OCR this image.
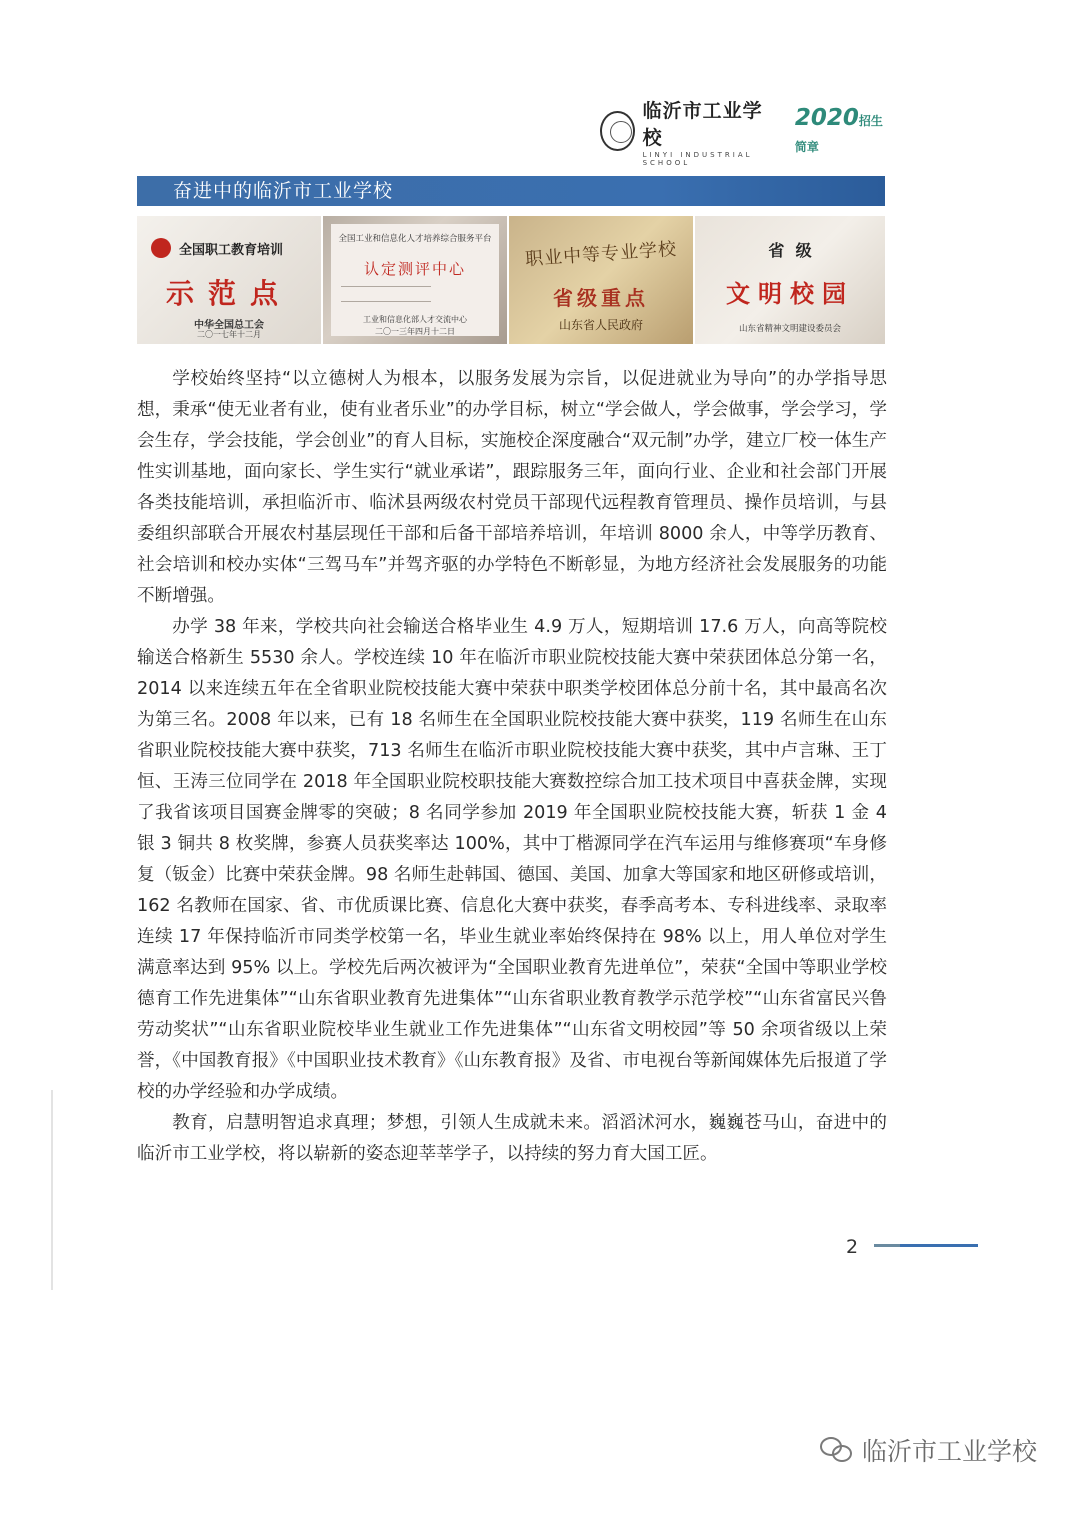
临沂市工业学校
LINYI INDUSTRIAL SCHOOL
2020招生简章
奋进中的临沂市工业学校
全国职工教育培训
示范点
中华全国总工会
二〇一七年十二月
全国工业和信息化人才培养综合服务平台
认定测评中心
工业和信息化部人才交流中心
二〇一三年四月十二日
职业中等专业学校
省级重点
山东省人民政府
省  级
文明校园
山东省精神文明建设委员会

学校始终坚持“以立德树人为根本，以服务发展为宗旨，以促进就业为导向”的办学指导思想，秉承“使无业者有业，使有业者乐业”的办学目标，树立“学会做人，学会做事，学会学习，学会生存，学会技能，学会创业”的育人目标，实施校企深度融合“双元制”办学，建立厂校一体生产性实训基地，面向家长、学生实行“就业承诺”，跟踪服务三年，面向行业、企业和社会部门开展各类技能培训，承担临沂市、临沭县两级农村党员干部现代远程教育管理员、操作员培训，与县委组织部联合开展农村基层现任干部和后备干部培养培训，年培训 8000 余人，中等学历教育、社会培训和校办实体“三驾马车”并驾齐驱的办学特色不断彰显，为地方经济社会发展服务的功能不断增强。

办学 38 年来，学校共向社会输送合格毕业生 4.9 万人，短期培训 17.6 万人，向高等院校输送合格新生 5530 余人。学校连续 10 年在临沂市职业院校技能大赛中荣获团体总分第一名，2014 以来连续五年在全省职业院校技能大赛中荣获中职类学校团体总分前十名，其中最高名次为第三名。2008 年以来，已有 18 名师生在全国职业院校技能大赛中获奖，119 名师生在山东省职业院校技能大赛中获奖，713 名师生在临沂市职业院校技能大赛中获奖，其中卢言琳、王丁恒、王涛三位同学在 2018 年全国职业院校职技能大赛数控综合加工技术项目中喜获金牌，实现了我省该项目国赛金牌零的突破；8 名同学参加 2019 年全国职业院校技能大赛，斩获 1 金 4 银 3 铜共 8 枚奖牌，参赛人员获奖率达 100%，其中丁楷源同学在汽车运用与维修赛项“车身修复（钣金）比赛中荣获金牌。98 名师生赴韩国、德国、美国、加拿大等国家和地区研修或培训，162 名教师在国家、省、市优质课比赛、信息化大赛中获奖，春季高考本、专科进线率、录取率连续 17 年保持临沂市同类学校第一名，毕业生就业率始终保持在 98% 以上，用人单位对学生满意率达到 95% 以上。学校先后两次被评为“全国职业教育先进单位”，荣获“全国中等职业学校德育工作先进集体”“山东省职业教育先进集体”“山东省职业教育教学示范学校”“山东省富民兴鲁劳动奖状”“山东省职业院校毕业生就业工作先进集体”“山东省文明校园”等 50 余项省级以上荣誉，《中国教育报》《中国职业技术教育》《山东教育报》及省、市电视台等新闻媒体先后报道了学校的办学经验和办学成绩。

教育，启慧明智追求真理；梦想，引领人生成就未来。滔滔沭河水，巍巍苍马山，奋进中的临沂市工业学校，将以崭新的姿态迎莘莘学子，以持续的努力育大国工匠。

2
临沂市工业学校
